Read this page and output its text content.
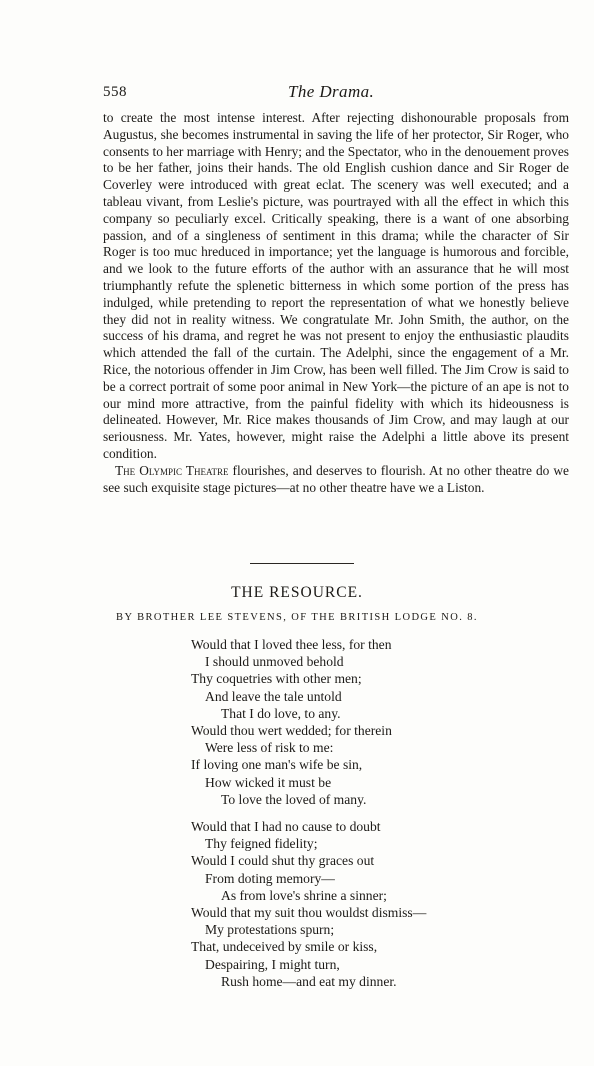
558	The Drama.

to create the most intense interest. After rejecting dishonourable proposals from Augustus, she becomes instrumental in saving the life of her protector, Sir Roger, who consents to her marriage with Henry; and the Spectator, who in the denouement proves to be her father, joins their hands. The old English cushion dance and Sir Roger de Coverley were introduced with great eclat. The scenery was well executed; and a tableau vivant, from Leslie's picture, was pourtrayed with all the effect in which this company so peculiarly excel. Critically speaking, there is a want of one absorbing passion, and of a singleness of sentiment in this drama; while the character of Sir Roger is too muc hreduced in importance; yet the language is humorous and forcible, and we look to the future efforts of the author with an assurance that he will most triumphantly refute the splenetic bitterness in which some portion of the press has indulged, while pretending to report the representation of what we honestly believe they did not in reality witness. We congratulate Mr. John Smith, the author, on the success of his drama, and regret he was not present to enjoy the enthusiastic plaudits which attended the fall of the curtain. The Adelphi, since the engagement of a Mr. Rice, the notorious offender in Jim Crow, has been well filled. The Jim Crow is said to be a correct portrait of some poor animal in New York—the picture of an ape is not to our mind more attractive, from the painful fidelity with which its hideousness is delineated. However, Mr. Rice makes thousands of Jim Crow, and may laugh at our seriousness. Mr. Yates, however, might raise the Adelphi a little above its present condition.

The Olympic Theatre flourishes, and deserves to flourish. At no other theatre do we see such exquisite stage pictures—at no other theatre have we a Liston.

THE RESOURCE.
BY BROTHER LEE STEVENS, OF THE BRITISH LODGE NO. 8.
Would that I loved thee less, for then
I should unmoved behold
Thy coquetries with other men;
And leave the tale untold
That I do love, to any.
Would thou wert wedded; for therein
Were less of risk to me:
If loving one man's wife be sin,
How wicked it must be
To love the loved of many.
Would that I had no cause to doubt
Thy feigned fidelity;
Would I could shut thy graces out
From doting memory—
As from love's shrine a sinner;
Would that my suit thou wouldst dismiss—
My protestations spurn;
That, undeceived by smile or kiss,
Despairing, I might turn,
Rush home—and eat my dinner.
